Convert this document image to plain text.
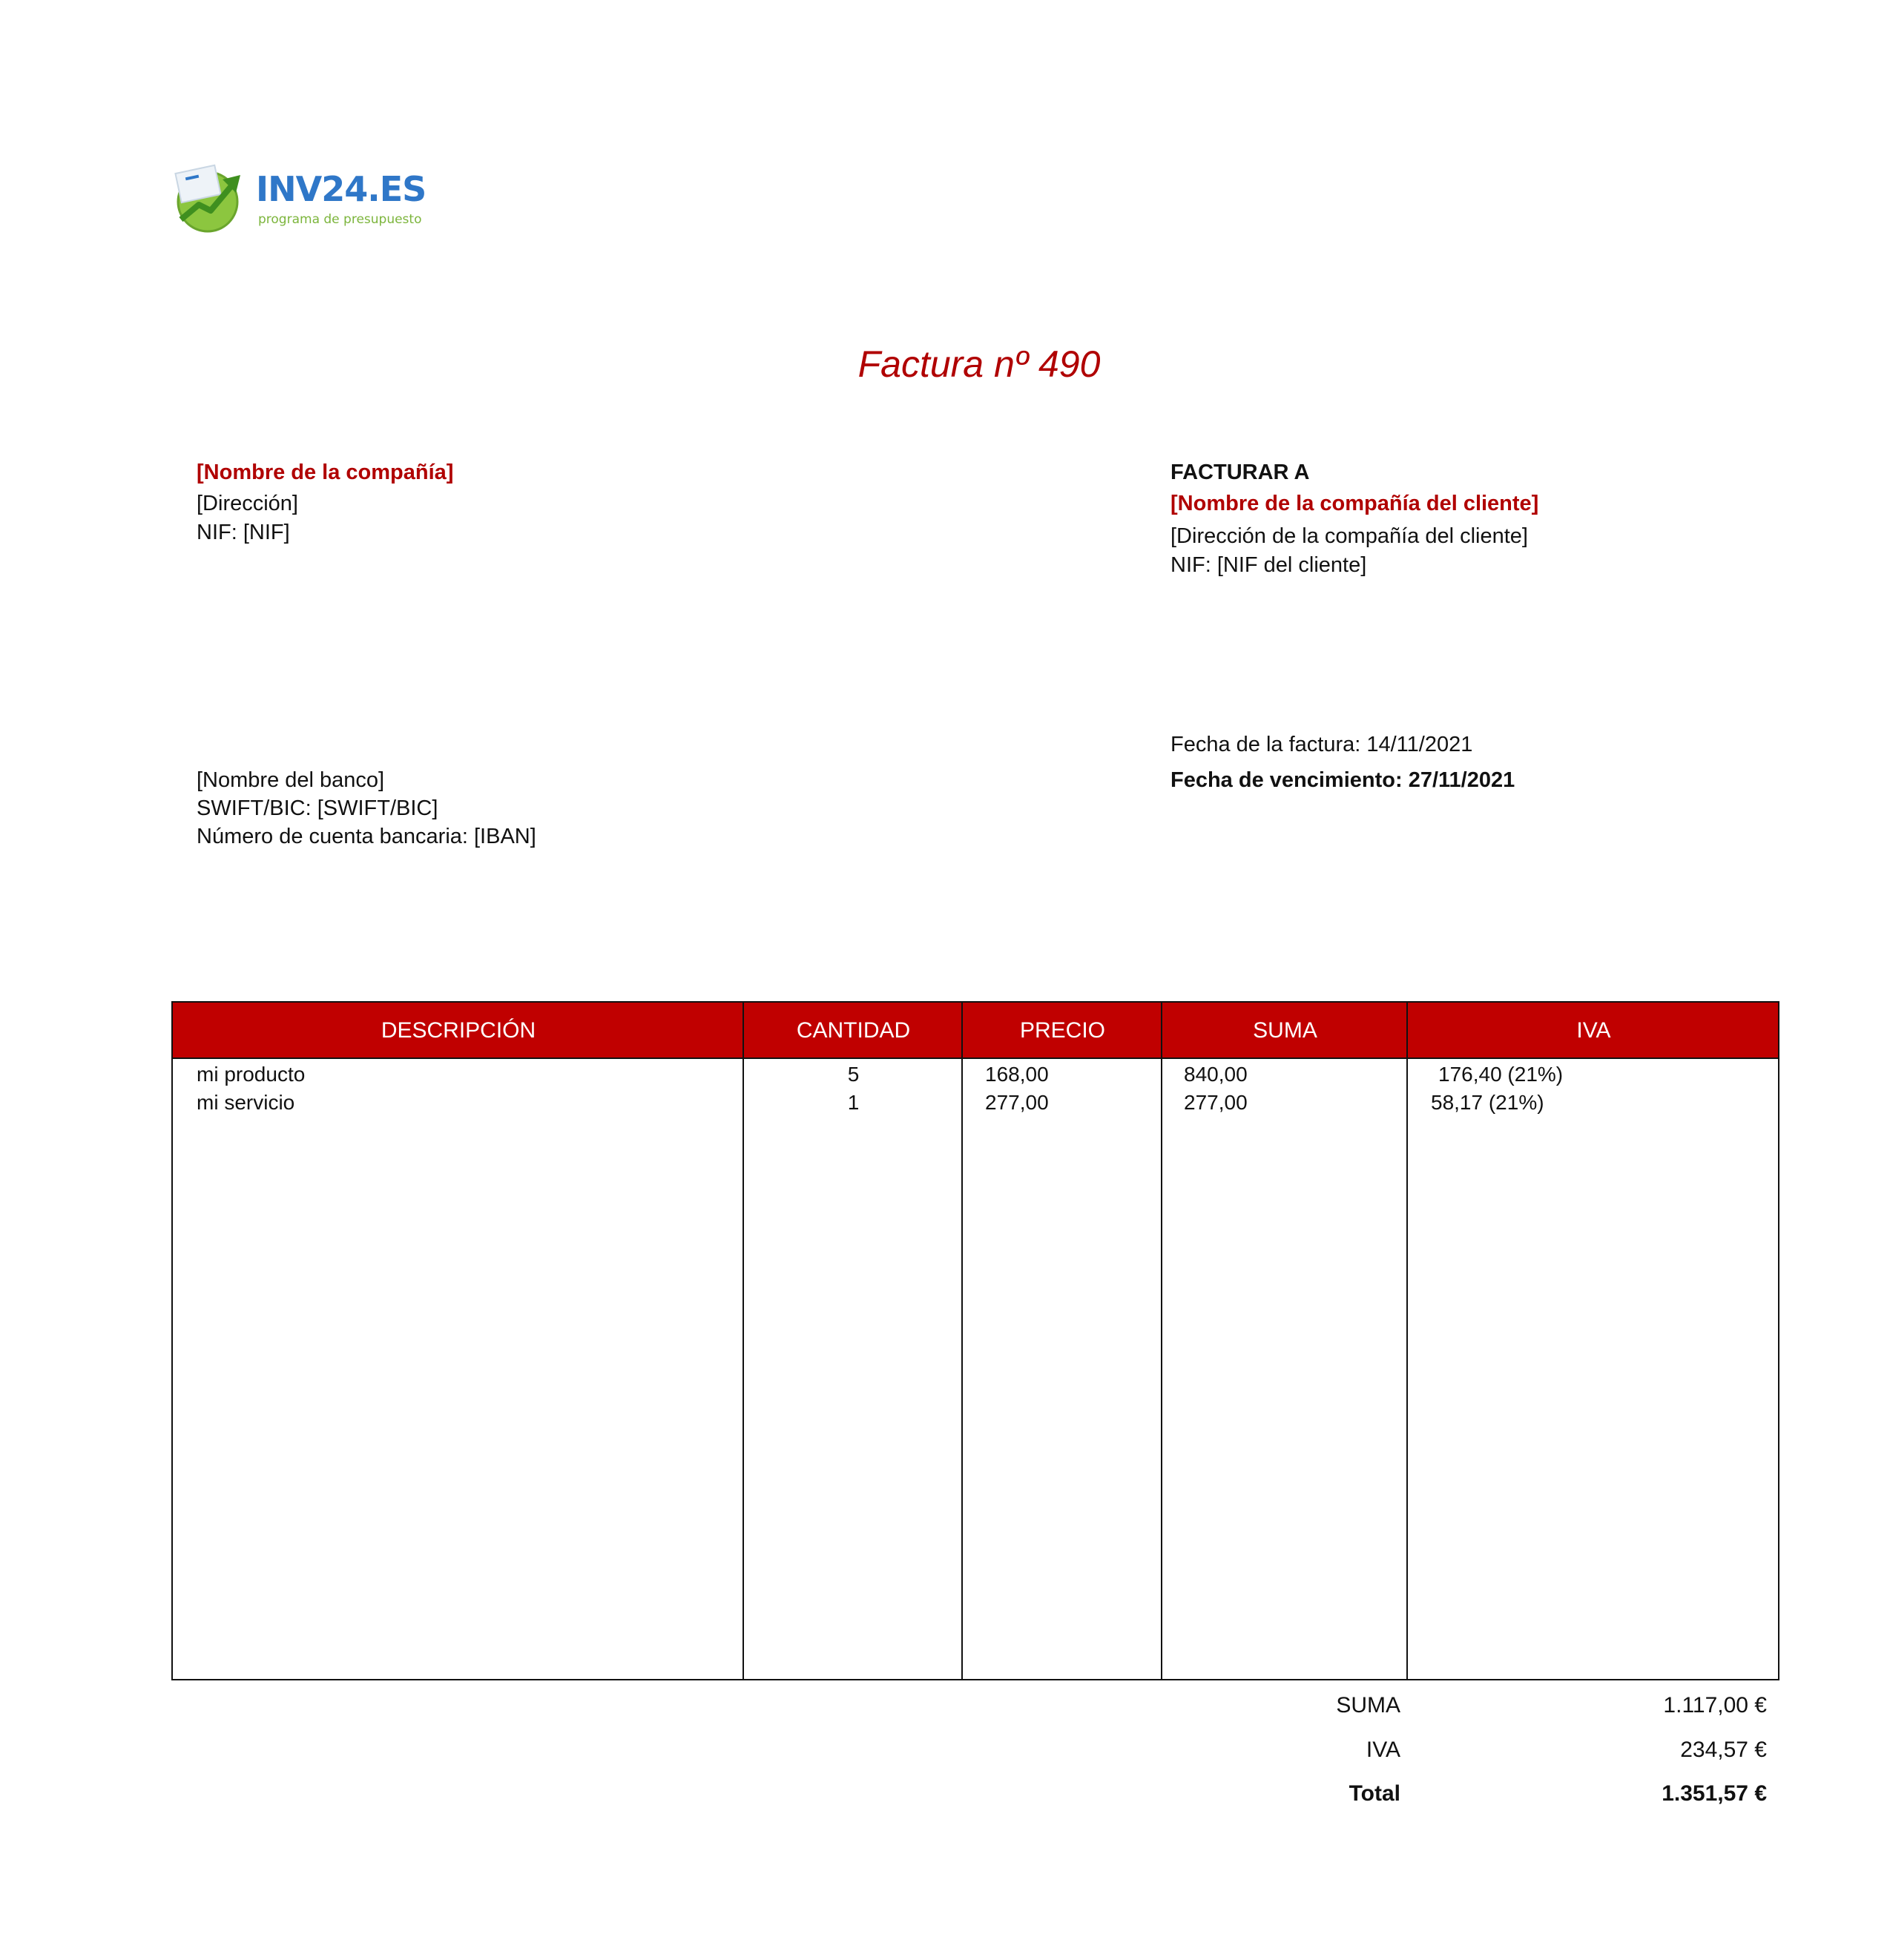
INV24.ES
programa de presupuesto
Factura nº 490
[Nombre de la compañía]
[Dirección]
NIF: [NIF]
FACTURAR A
[Nombre de la compañía del cliente]
[Dirección de la compañía del cliente]
NIF: [NIF del cliente]
Fecha de la factura: 14/11/2021
Fecha de vencimiento: 27/11/2021
[Nombre del banco]
SWIFT/BIC: [SWIFT/BIC]
Número de cuenta bancaria: [IBAN]
DESCRIPCIÓN	CANTIDAD	PRECIO	SUMA	IVA
mi producto	5	168,00	840,00	176,40 (21%)
mi servicio	1	277,00	277,00	58,17 (21%)
SUMA	1.117,00 €
IVA	234,57 €
Total	1.351,57 €
